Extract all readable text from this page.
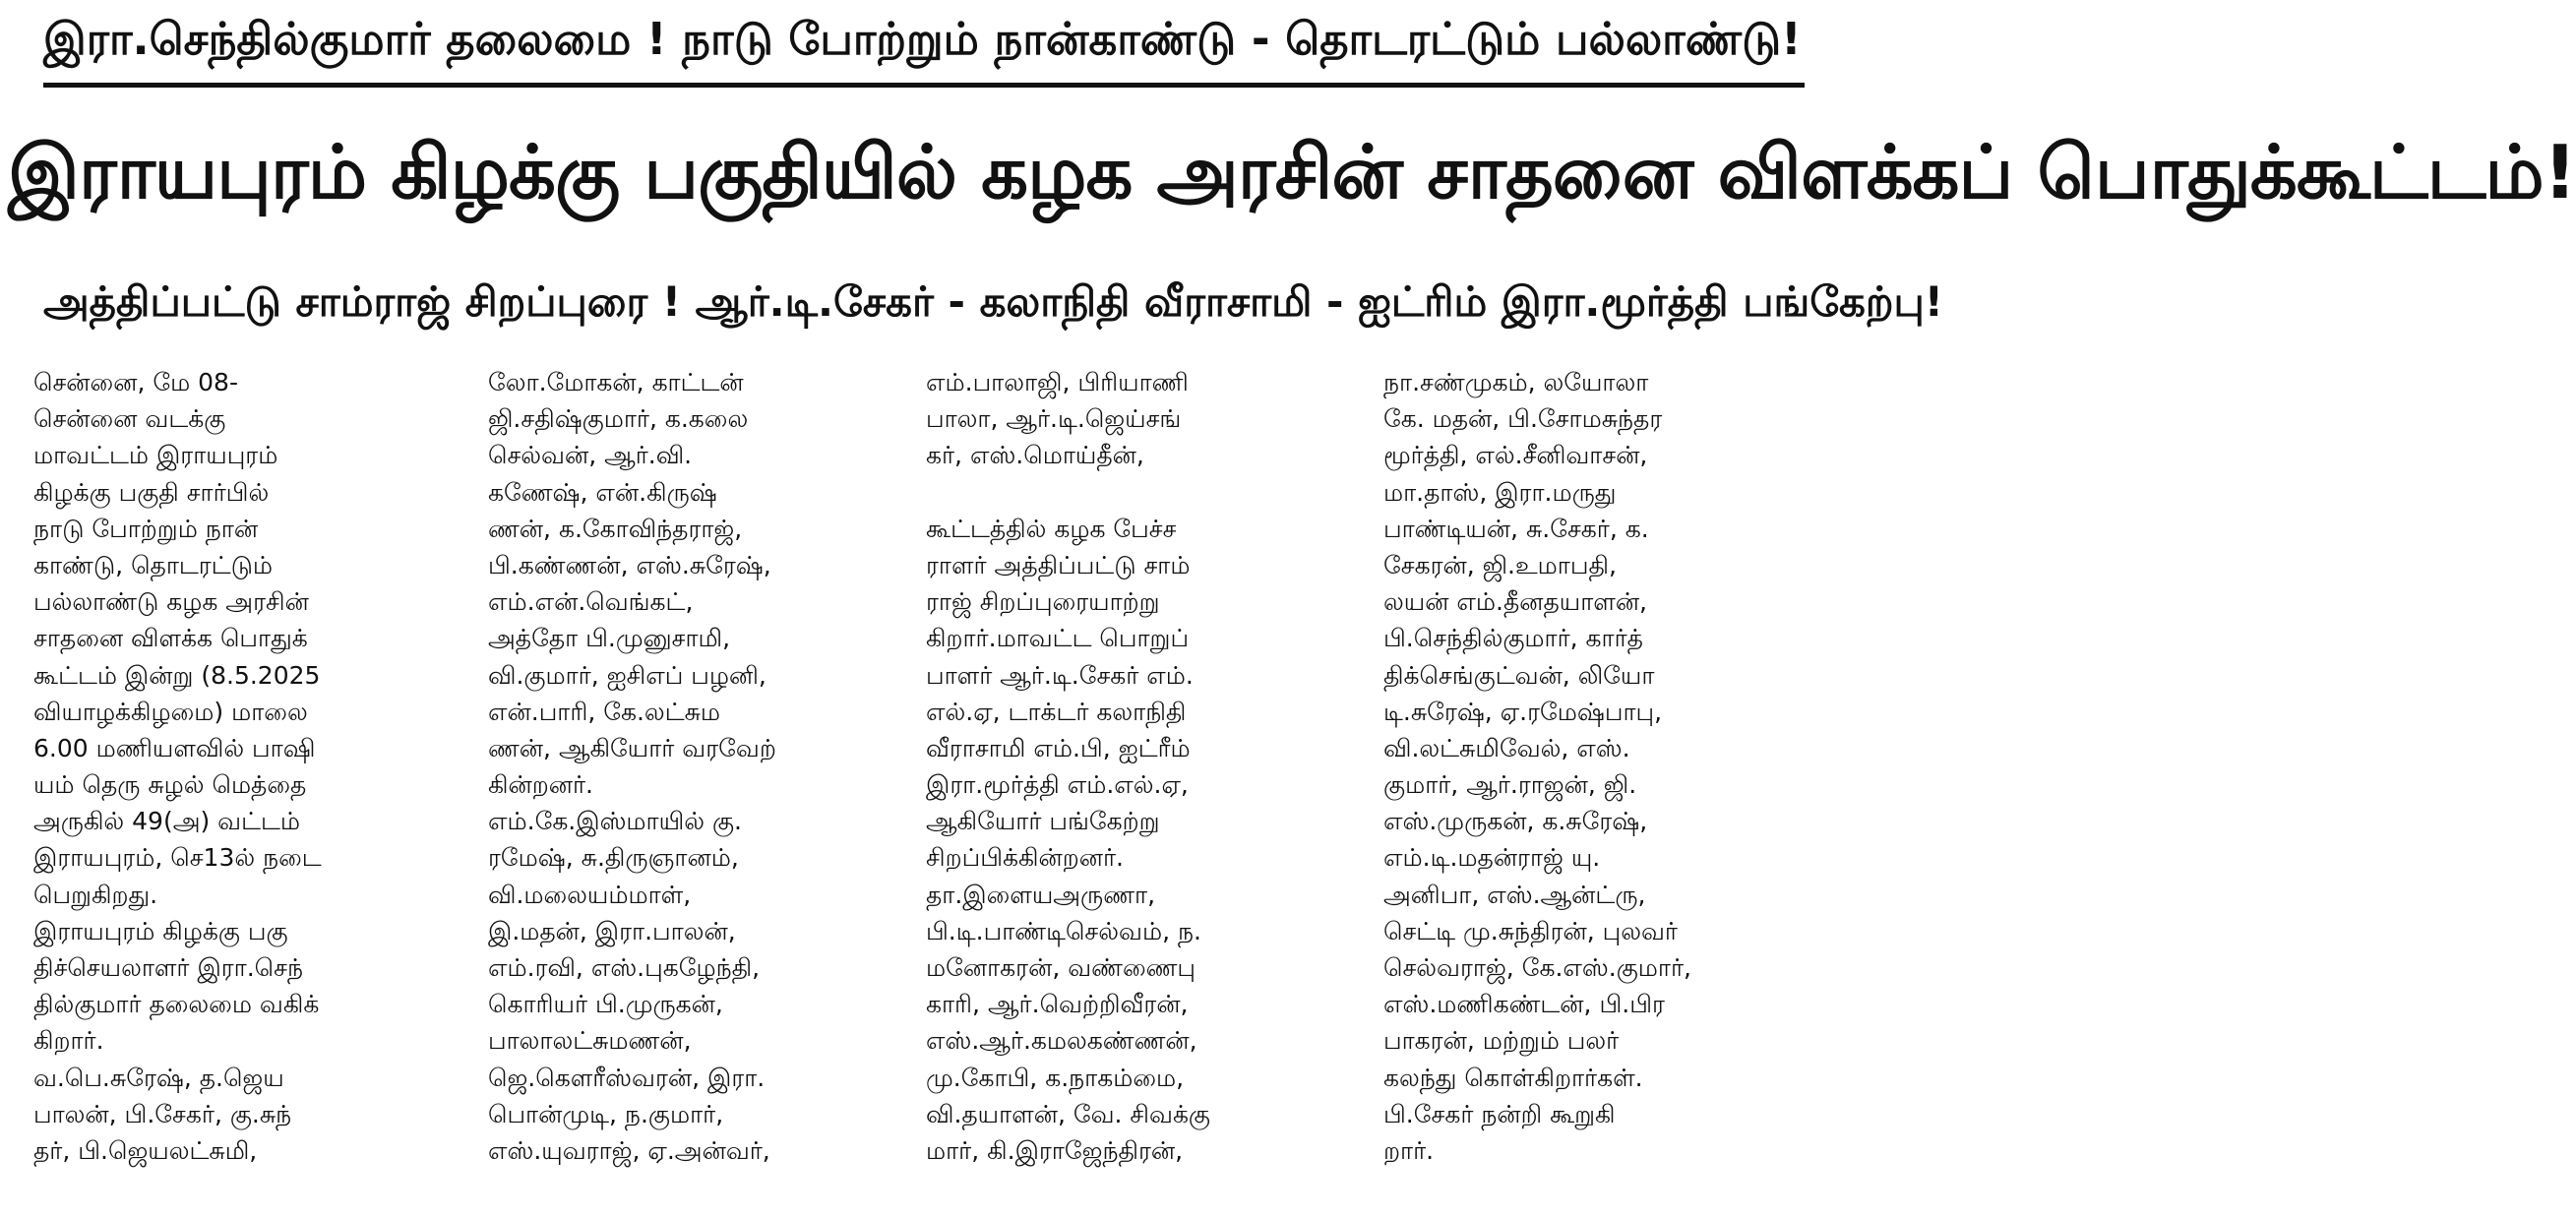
இரா.செந்தில்குமார் தலைமை ! நாடு போற்றும் நான்காண்டு - தொடரட்டும் பல்லாண்டு!
இராயபுரம் கிழக்கு பகுதியில் கழக அரசின் சாதனை விளக்கப் பொதுக்கூட்டம்!
அத்திப்பட்டு சாம்ராஜ் சிறப்புரை ! ஆர்.டி.சேகர் - கலாநிதி வீராசாமி - ஐட்ரிம் இரா.மூர்த்தி பங்கேற்பு!
சென்னை, மே 08-
சென்னை வடக்கு
மாவட்டம் இராயபுரம்
கிழக்கு பகுதி சார்பில்
நாடு போற்றும் நான்
காண்டு, தொடரட்டும்
பல்லாண்டு கழக அரசின்
சாதனை விளக்க பொதுக்
கூட்டம் இன்று (8.5.2025
வியாழக்கிழமை) மாலை
6.00 மணியளவில் பாஷி
யம் தெரு சுழல் மெத்தை
அருகில் 49(அ) வட்டம்
இராயபுரம், செ13ல் நடை
பெறுகிறது.
இராயபுரம் கிழக்கு பகு
திச்செயலாளர் இரா.செந்
தில்குமார் தலைமை வகிக்
கிறார்.
வ.பெ.சுரேஷ், த.ஜெய
பாலன், பி.சேகர், கு.சுந்
தர், பி.ஜெயலட்சுமி,
லோ.மோகன், காட்டன்
ஜி.சதிஷ்குமார், க.கலை
செல்வன், ஆர்.வி.
கணேஷ், என்.கிருஷ்
ணன், க.கோவிந்தராஜ்,
பி.கண்ணன், எஸ்.சுரேஷ்,
எம்.என்.வெங்கட்,
அத்தோ பி.முனுசாமி,
வி.குமார், ஐசிஎப் பழனி,
என்.பாரி, கே.லட்சும
ணன், ஆகியோர் வரவேற்
கின்றனர்.
எம்.கே.இஸ்மாயில் கு.
ரமேஷ், சு.திருஞானம்,
வி.மலையம்மாள்,
இ.மதன், இரா.பாலன்,
எம்.ரவி, எஸ்.புகழேந்தி,
கொரியர் பி.முருகன்,
பாலாலட்சுமணன்,
ஜெ.கௌரீஸ்வரன், இரா.
பொன்முடி, ந.குமார்,
எஸ்.யுவராஜ், ஏ.அன்வர்,
எம்.பாலாஜி, பிரியாணி
பாலா, ஆர்.டி.ஜெய்சங்
கர், எஸ்.மொய்தீன்,
கூட்டத்தில் கழக பேச்ச
ராளர் அத்திப்பட்டு சாம்
ராஜ் சிறப்புரையாற்று
கிறார்.மாவட்ட பொறுப்
பாளர் ஆர்.டி.சேகர் எம்.
எல்.ஏ, டாக்டர் கலாநிதி
வீராசாமி எம்.பி, ஐட்ரீம்
இரா.மூர்த்தி எம்.எல்.ஏ,
ஆகியோர் பங்கேற்று
சிறப்பிக்கின்றனர்.
தா.இளையஅருணா,
பி.டி.பாண்டிசெல்வம், ந.
மனோகரன், வண்ணைபு
காரி, ஆர்.வெற்றிவீரன்,
எஸ்.ஆர்.கமலகண்ணன்,
மு.கோபி, க.நாகம்மை,
வி.தயாளன், வே. சிவக்கு
மார், கி.இராஜேந்திரன்,
நா.சண்முகம், லயோலா
கே. மதன், பி.சோமசுந்தர
மூர்த்தி, எல்.சீனிவாசன்,
மா.தாஸ், இரா.மருது
பாண்டியன், சு.சேகர், க.
சேகரன், ஜி.உமாபதி,
லயன் எம்.தீனதயாளன்,
பி.செந்தில்குமார், கார்த்
திக்செங்குட்வன், லியோ
டி.சுரேஷ், ஏ.ரமேஷ்பாபு,
வி.லட்சுமிவேல், எஸ்.
குமார், ஆர்.ராஜன், ஜி.
எஸ்.முருகன், க.சுரேஷ்,
எம்.டி.மதன்ராஜ் யு.
அனிபா, எஸ்.ஆன்ட்ரு,
செட்டி மு.சுந்திரன், புலவர்
செல்வராஜ், கே.எஸ்.குமார்,
எஸ்.மணிகண்டன், பி.பிர
பாகரன், மற்றும் பலர்
கலந்து கொள்கிறார்கள்.
பி.சேகர் நன்றி கூறுகி
றார்.
